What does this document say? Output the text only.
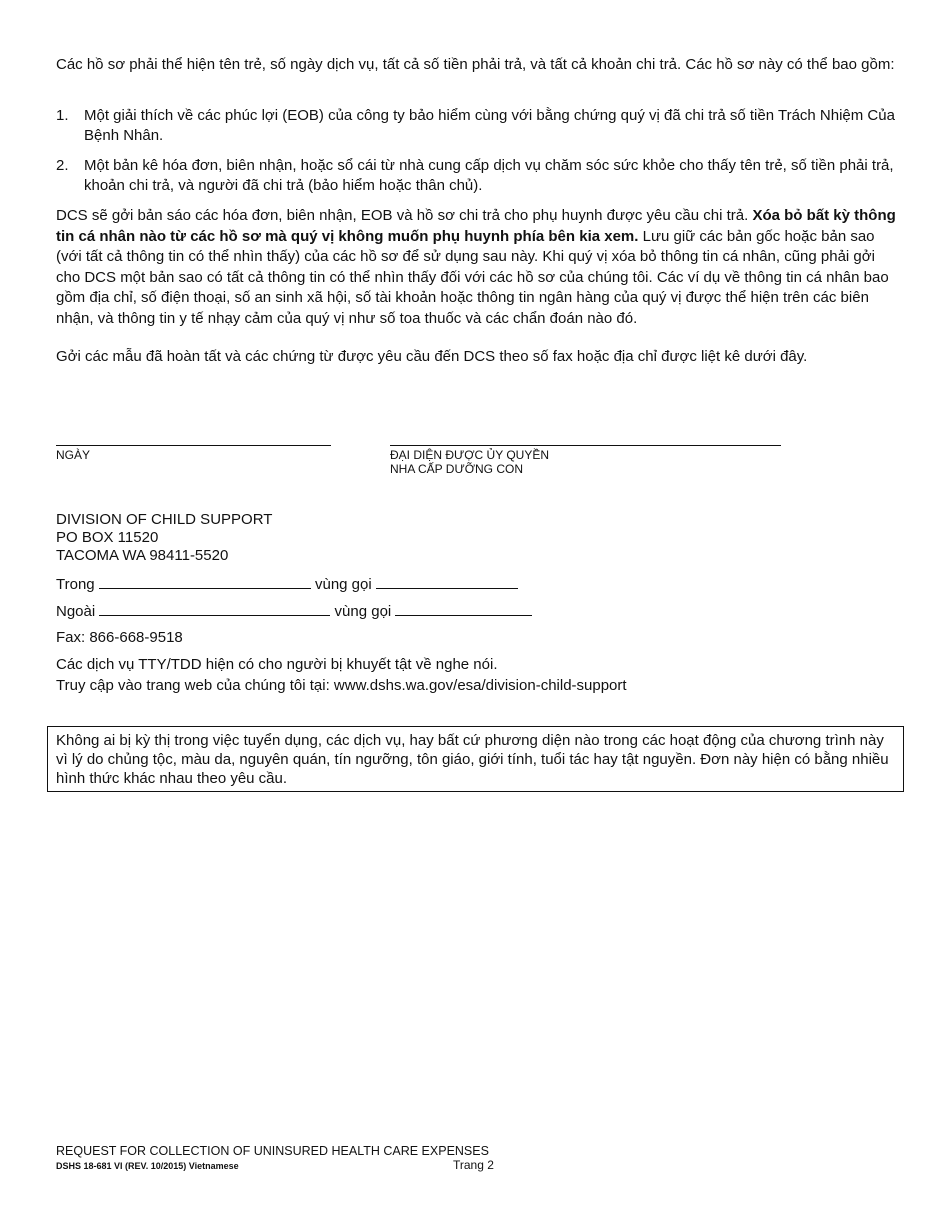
Các hồ sơ phải thể hiện tên trẻ, số ngày dịch vụ, tất cả số tiền phải trả, và tất cả khoản chi trả. Các hồ sơ này có thể bao gồm:

1. Một giải thích về các phúc lợi (EOB) của công ty bảo hiểm cùng với bằng chứng quý vị đã chi trả số tiền Trách Nhiệm Của Bệnh Nhân.
2. Một bản kê hóa đơn, biên nhận, hoặc sổ cái từ nhà cung cấp dịch vụ chăm sóc sức khỏe cho thấy tên trẻ, số tiền phải trả, khoản chi trả, và người đã chi trả (bảo hiểm hoặc thân chủ).

DCS sẽ gởi bản sáo các hóa đơn, biên nhận, EOB và hồ sơ chi trả cho phụ huynh được yêu cầu chi trả. Xóa bỏ bất kỳ thông tin cá nhân nào từ các hồ sơ mà quý vị không muốn phụ huynh phía bên kia xem. Lưu giữ các bản gốc hoặc bản sao (với tất cả thông tin có thể nhìn thấy) của các hồ sơ để sử dụng sau này. Khi quý vị xóa bỏ thông tin cá nhân, cũng phải gởi cho DCS một bản sao có tất cả thông tin có thể nhìn thấy đối với các hồ sơ của chúng tôi. Các ví dụ về thông tin cá nhân bao gồm địa chỉ, số điện thoại, số an sinh xã hội, số tài khoản hoặc thông tin ngân hàng của quý vị được thể hiện trên các biên nhận, và thông tin y tế nhạy cảm của quý vị như số toa thuốc và các chẩn đoán nào đó.

Gởi các mẫu đã hoàn tất và các chứng từ được yêu cầu đến DCS theo số fax hoặc địa chỉ được liệt kê dưới đây.

NGÀY	ĐẠI DIỆN ĐƯỢC ỦY QUYỀN
NHA CẤP DƯỠNG CON
DIVISION OF CHILD SUPPORT
PO BOX 11520
TACOMA WA 98411-5520
Trong	vùng gọi
Ngoài	vùng gọi
Fax: 866-668-9518
Các dịch vụ TTY/TDD hiện có cho người bị khuyết tật về nghe nói.
Truy cập vào trang web của chúng tôi tại: www.dshs.wa.gov/esa/division-child-support
Không ai bị kỳ thị trong việc tuyển dụng, các dịch vụ, hay bất cứ phương diện nào trong các hoạt động của chương trình này vì lý do chủng tộc, màu da, nguyên quán, tín ngưỡng, tôn giáo, giới tính, tuổi tác hay tật nguyền. Đơn này hiện có bằng nhiều hình thức khác nhau theo yêu cầu.
REQUEST FOR COLLECTION OF UNINSURED HEALTH CARE EXPENSES
DSHS 18-681 VI (REV. 10/2015) Vietnamese	Trang 2
